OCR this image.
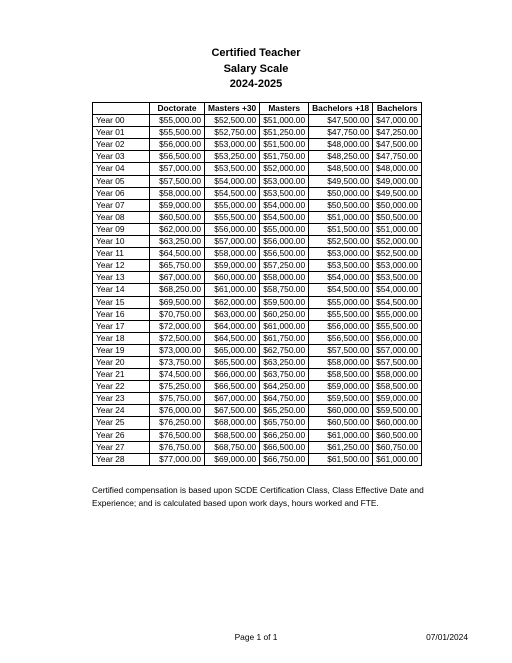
Certified Teacher
Salary Scale
2024-2025
	Doctorate	Masters +30	Masters	Bachelors +18	Bachelors
Year 00	$55,000.00	$52,500.00	$51,000.00	$47,500.00	$47,000.00
Year 01	$55,500.00	$52,750.00	$51,250.00	$47,750.00	$47,250.00
Year 02	$56,000.00	$53,000.00	$51,500.00	$48,000.00	$47,500.00
Year 03	$56,500.00	$53,250.00	$51,750.00	$48,250.00	$47,750.00
Year 04	$57,000.00	$53,500.00	$52,000.00	$48,500.00	$48,000.00
Year 05	$57,500.00	$54,000.00	$53,000.00	$49,500.00	$49,000.00
Year 06	$58,000.00	$54,500.00	$53,500.00	$50,000.00	$49,500.00
Year 07	$59,000.00	$55,000.00	$54,000.00	$50,500.00	$50,000.00
Year 08	$60,500.00	$55,500.00	$54,500.00	$51,000.00	$50,500.00
Year 09	$62,000.00	$56,000.00	$55,000.00	$51,500.00	$51,000.00
Year 10	$63,250.00	$57,000.00	$56,000.00	$52,500.00	$52,000.00
Year 11	$64,500.00	$58,000.00	$56,500.00	$53,000.00	$52,500.00
Year 12	$65,750.00	$59,000.00	$57,250.00	$53,500.00	$53,000.00
Year 13	$67,000.00	$60,000.00	$58,000.00	$54,000.00	$53,500.00
Year 14	$68,250.00	$61,000.00	$58,750.00	$54,500.00	$54,000.00
Year 15	$69,500.00	$62,000.00	$59,500.00	$55,000.00	$54,500.00
Year 16	$70,750.00	$63,000.00	$60,250.00	$55,500.00	$55,000.00
Year 17	$72,000.00	$64,000.00	$61,000.00	$56,000.00	$55,500.00
Year 18	$72,500.00	$64,500.00	$61,750.00	$56,500.00	$56,000.00
Year 19	$73,000.00	$65,000.00	$62,750.00	$57,500.00	$57,000.00
Year 20	$73,750.00	$65,500.00	$63,250.00	$58,000.00	$57,500.00
Year 21	$74,500.00	$66,000.00	$63,750.00	$58,500.00	$58,000.00
Year 22	$75,250.00	$66,500.00	$64,250.00	$59,000.00	$58,500.00
Year 23	$75,750.00	$67,000.00	$64,750.00	$59,500.00	$59,000.00
Year 24	$76,000.00	$67,500.00	$65,250.00	$60,000.00	$59,500.00
Year 25	$76,250.00	$68,000.00	$65,750.00	$60,500.00	$60,000.00
Year 26	$76,500.00	$68,500.00	$66,250.00	$61,000.00	$60,500.00
Year 27	$76,750.00	$68,750.00	$66,500.00	$61,250.00	$60,750.00
Year 28	$77,000.00	$69,000.00	$66,750.00	$61,500.00	$61,000.00
Certified compensation is based upon SCDE Certification Class, Class Effective Date and Experience; and is calculated based upon work days, hours worked and FTE.
Page 1 of 1	07/01/2024
